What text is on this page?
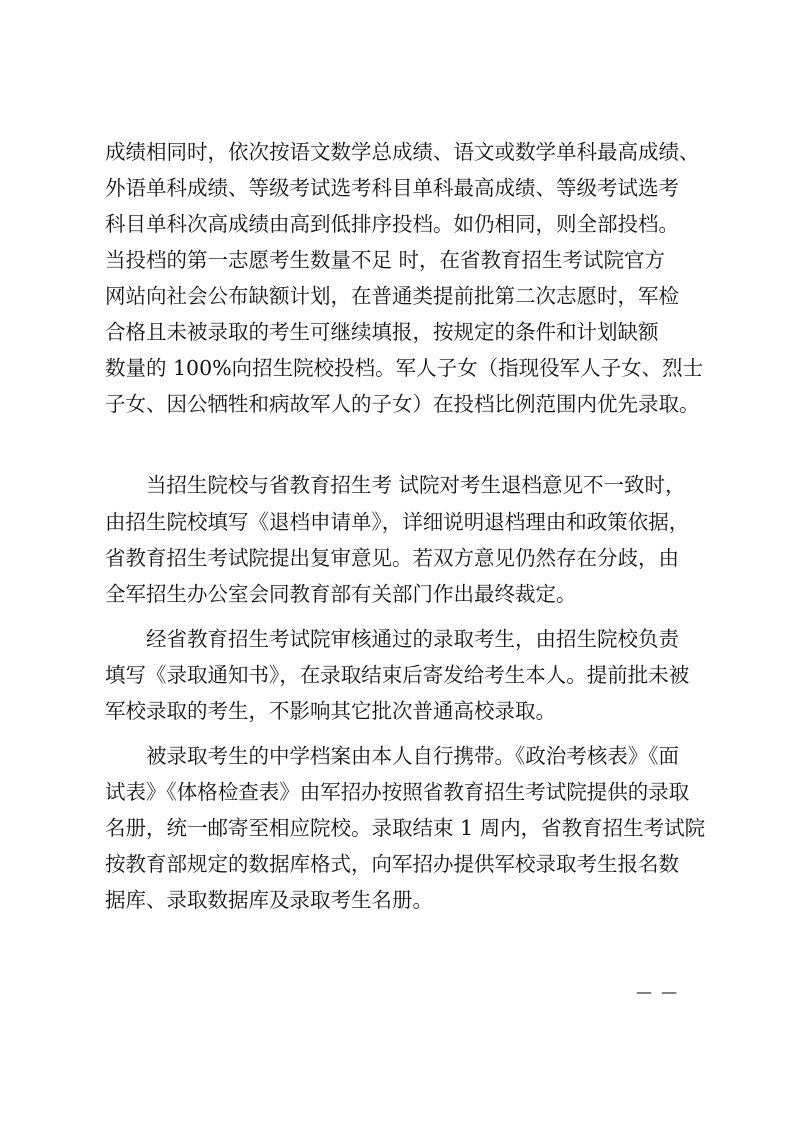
成绩相同时，依次按语文数学总成绩、语文或数学单科最高成绩、
外语单科成绩、等级考试选考科目单科最高成绩、等级考试选考
科目单科次高成绩由高到低排序投档。如仍相同，则全部投档。
当投档的第一志愿考生数量不足 时，在省教育招生考试院官方
网站向社会公布缺额计划，在普通类提前批第二次志愿时，军检
合格且未被录取的考生可继续填报，按规定的条件和计划缺额
数量的 100%向招生院校投档。军人子女（指现役军人子女、烈士
子女、因公牺牲和病故军人的子女）在投档比例范围内优先录取。
当招生院校与省教育招生考 试院对考生退档意见不一致时，
由招生院校填写《退档申请单》，详细说明退档理由和政策依据，
省教育招生考试院提出复审意见。若双方意见仍然存在分歧，由
全军招生办公室会同教育部有关部门作出最终裁定。
经省教育招生考试院审核通过的录取考生，由招生院校负责
填写《录取通知书》，在录取结束后寄发给考生本人。提前批未被
军校录取的考生，不影响其它批次普通高校录取。
被录取考生的中学档案由本人自行携带。《政治考核表》《面
试表》《体格检查表》由军招办按照省教育招生考试院提供的录取
名册，统一邮寄至相应院校。录取结束 1 周内，省教育招生考试院
按教育部规定的数据库格式，向军招办提供军校录取考生报名数
据库、录取数据库及录取考生名册。
— —
